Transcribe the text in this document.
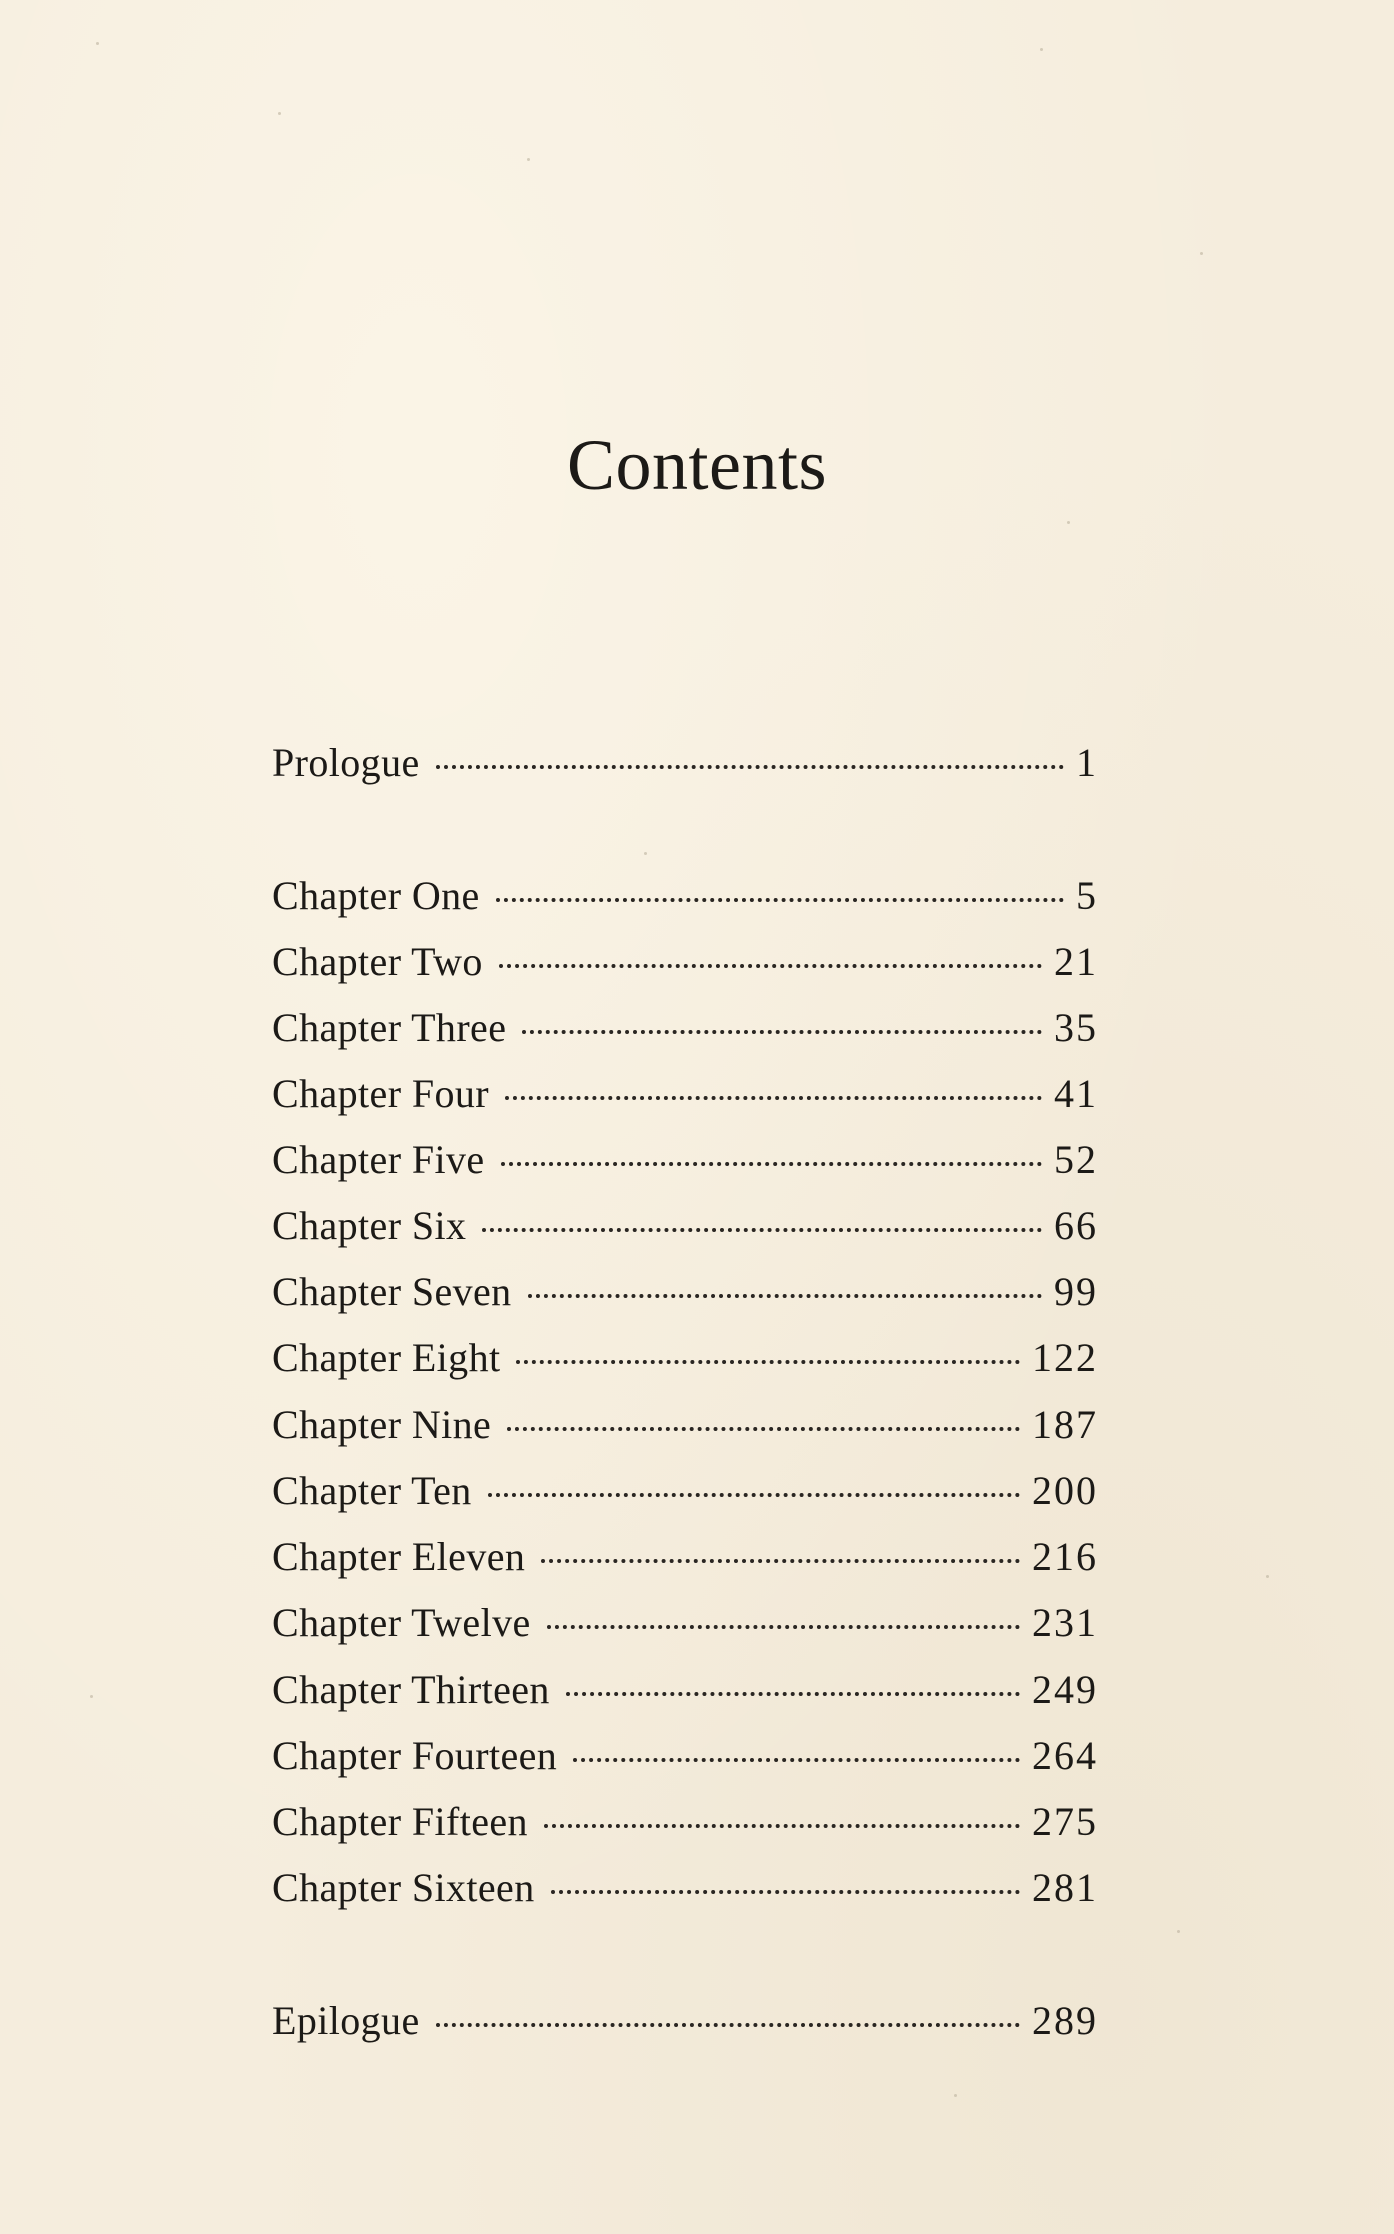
Contents
Prologue	1
Chapter One	5
Chapter Two	21
Chapter Three	35
Chapter Four	41
Chapter Five	52
Chapter Six	66
Chapter Seven	99
Chapter Eight	122
Chapter Nine	187
Chapter Ten	200
Chapter Eleven	216
Chapter Twelve	231
Chapter Thirteen	249
Chapter Fourteen	264
Chapter Fifteen	275
Chapter Sixteen	281
Epilogue	289
